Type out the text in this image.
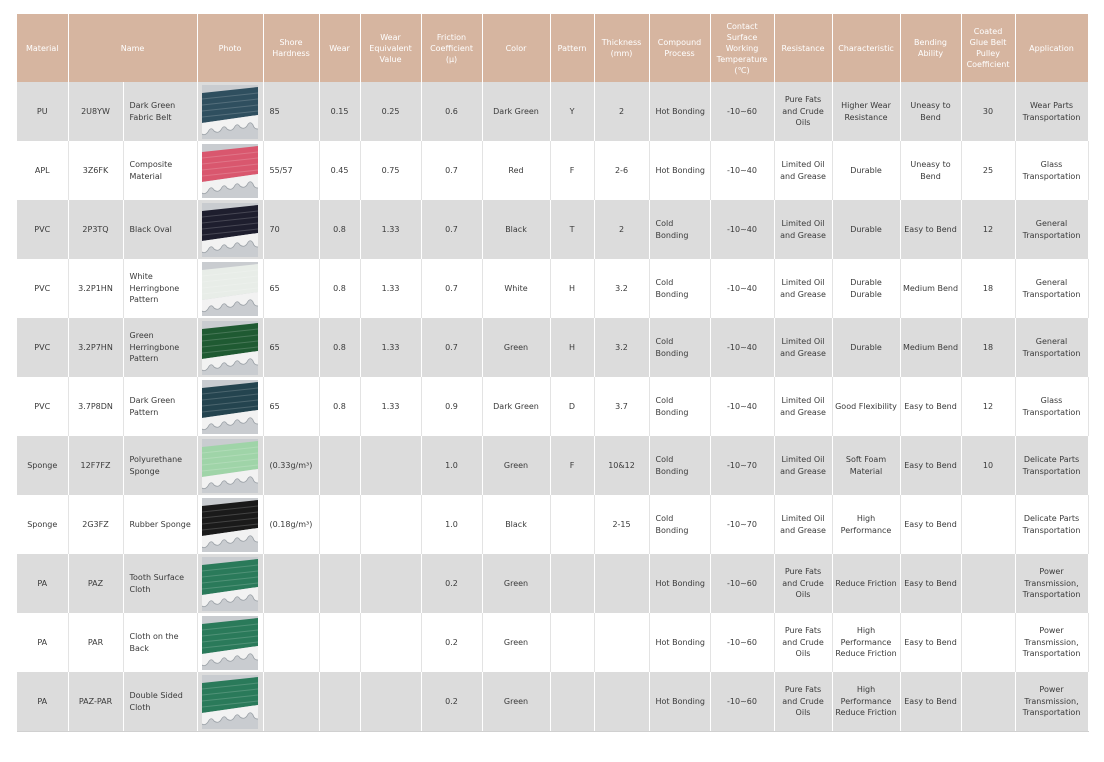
Material	Name		Photo	Shore Hardness	Wear	Wear Equivalent Value	Friction Coefficient (μ)	Color	Pattern	Thickness (mm)	Compound Process	Contact Surface Working Temperature (℃)	Resistance	Characteristic	Bending Ability	Coated Glue Belt Pulley Coefficient	Application
PU	2U8YW	Dark Green Fabric Belt		85	0.15	0.25	0.6	Dark Green	Y	2	Hot Bonding	-10~60	Pure Fats and Crude Oils	Higher Wear Resistance	Uneasy to Bend	30	Wear Parts Transportation
APL	3Z6FK	Composite Material		55/57	0.45	0.75	0.7	Red	F	2-6	Hot Bonding	-10~40	Limited Oil and Grease	Durable	Uneasy to Bend	25	Glass Transportation
PVC	2P3TQ	Black Oval		70	0.8	1.33	0.7	Black	T	2	Cold Bonding	-10~40	Limited Oil and Grease	Durable	Easy to Bend	12	General Transportation
PVC	3.2P1HN	White Herringbone Pattern		65	0.8	1.33	0.7	White	H	3.2	Cold Bonding	-10~40	Limited Oil and Grease	Durable Durable	Medium Bend	18	General Transportation
PVC	3.2P7HN	Green Herringbone Pattern		65	0.8	1.33	0.7	Green	H	3.2	Cold Bonding	-10~40	Limited Oil and Grease	Durable	Medium Bend	18	General Transportation
PVC	3.7P8DN	Dark Green Pattern		65	0.8	1.33	0.9	Dark Green	D	3.7	Cold Bonding	-10~40	Limited Oil and Grease	Good Flexibility	Easy to Bend	12	Glass Transportation
Sponge	12F7FZ	Polyurethane Sponge		(0.33g/m³)			1.0	Green	F	10&12	Cold Bonding	-10~70	Limited Oil and Grease	Soft Foam Material	Easy to Bend	10	Delicate Parts Transportation
Sponge	2G3FZ	Rubber Sponge		(0.18g/m³)			1.0	Black		2-15	Cold Bonding	-10~70	Limited Oil and Grease	High Performance	Easy to Bend		Delicate Parts Transportation
PA	PAZ	Tooth Surface Cloth					0.2	Green			Hot Bonding	-10~60	Pure Fats and Crude Oils	Reduce Friction	Easy to Bend		Power Transmission, Transportation
PA	PAR	Cloth on the Back					0.2	Green			Hot Bonding	-10~60	Pure Fats and Crude Oils	High Performance Reduce Friction	Easy to Bend		Power Transmission, Transportation
PA	PAZ-PAR	Double Sided Cloth					0.2	Green			Hot Bonding	-10~60	Pure Fats and Crude Oils	High Performance Reduce Friction	Easy to Bend		Power Transmission, Transportation
